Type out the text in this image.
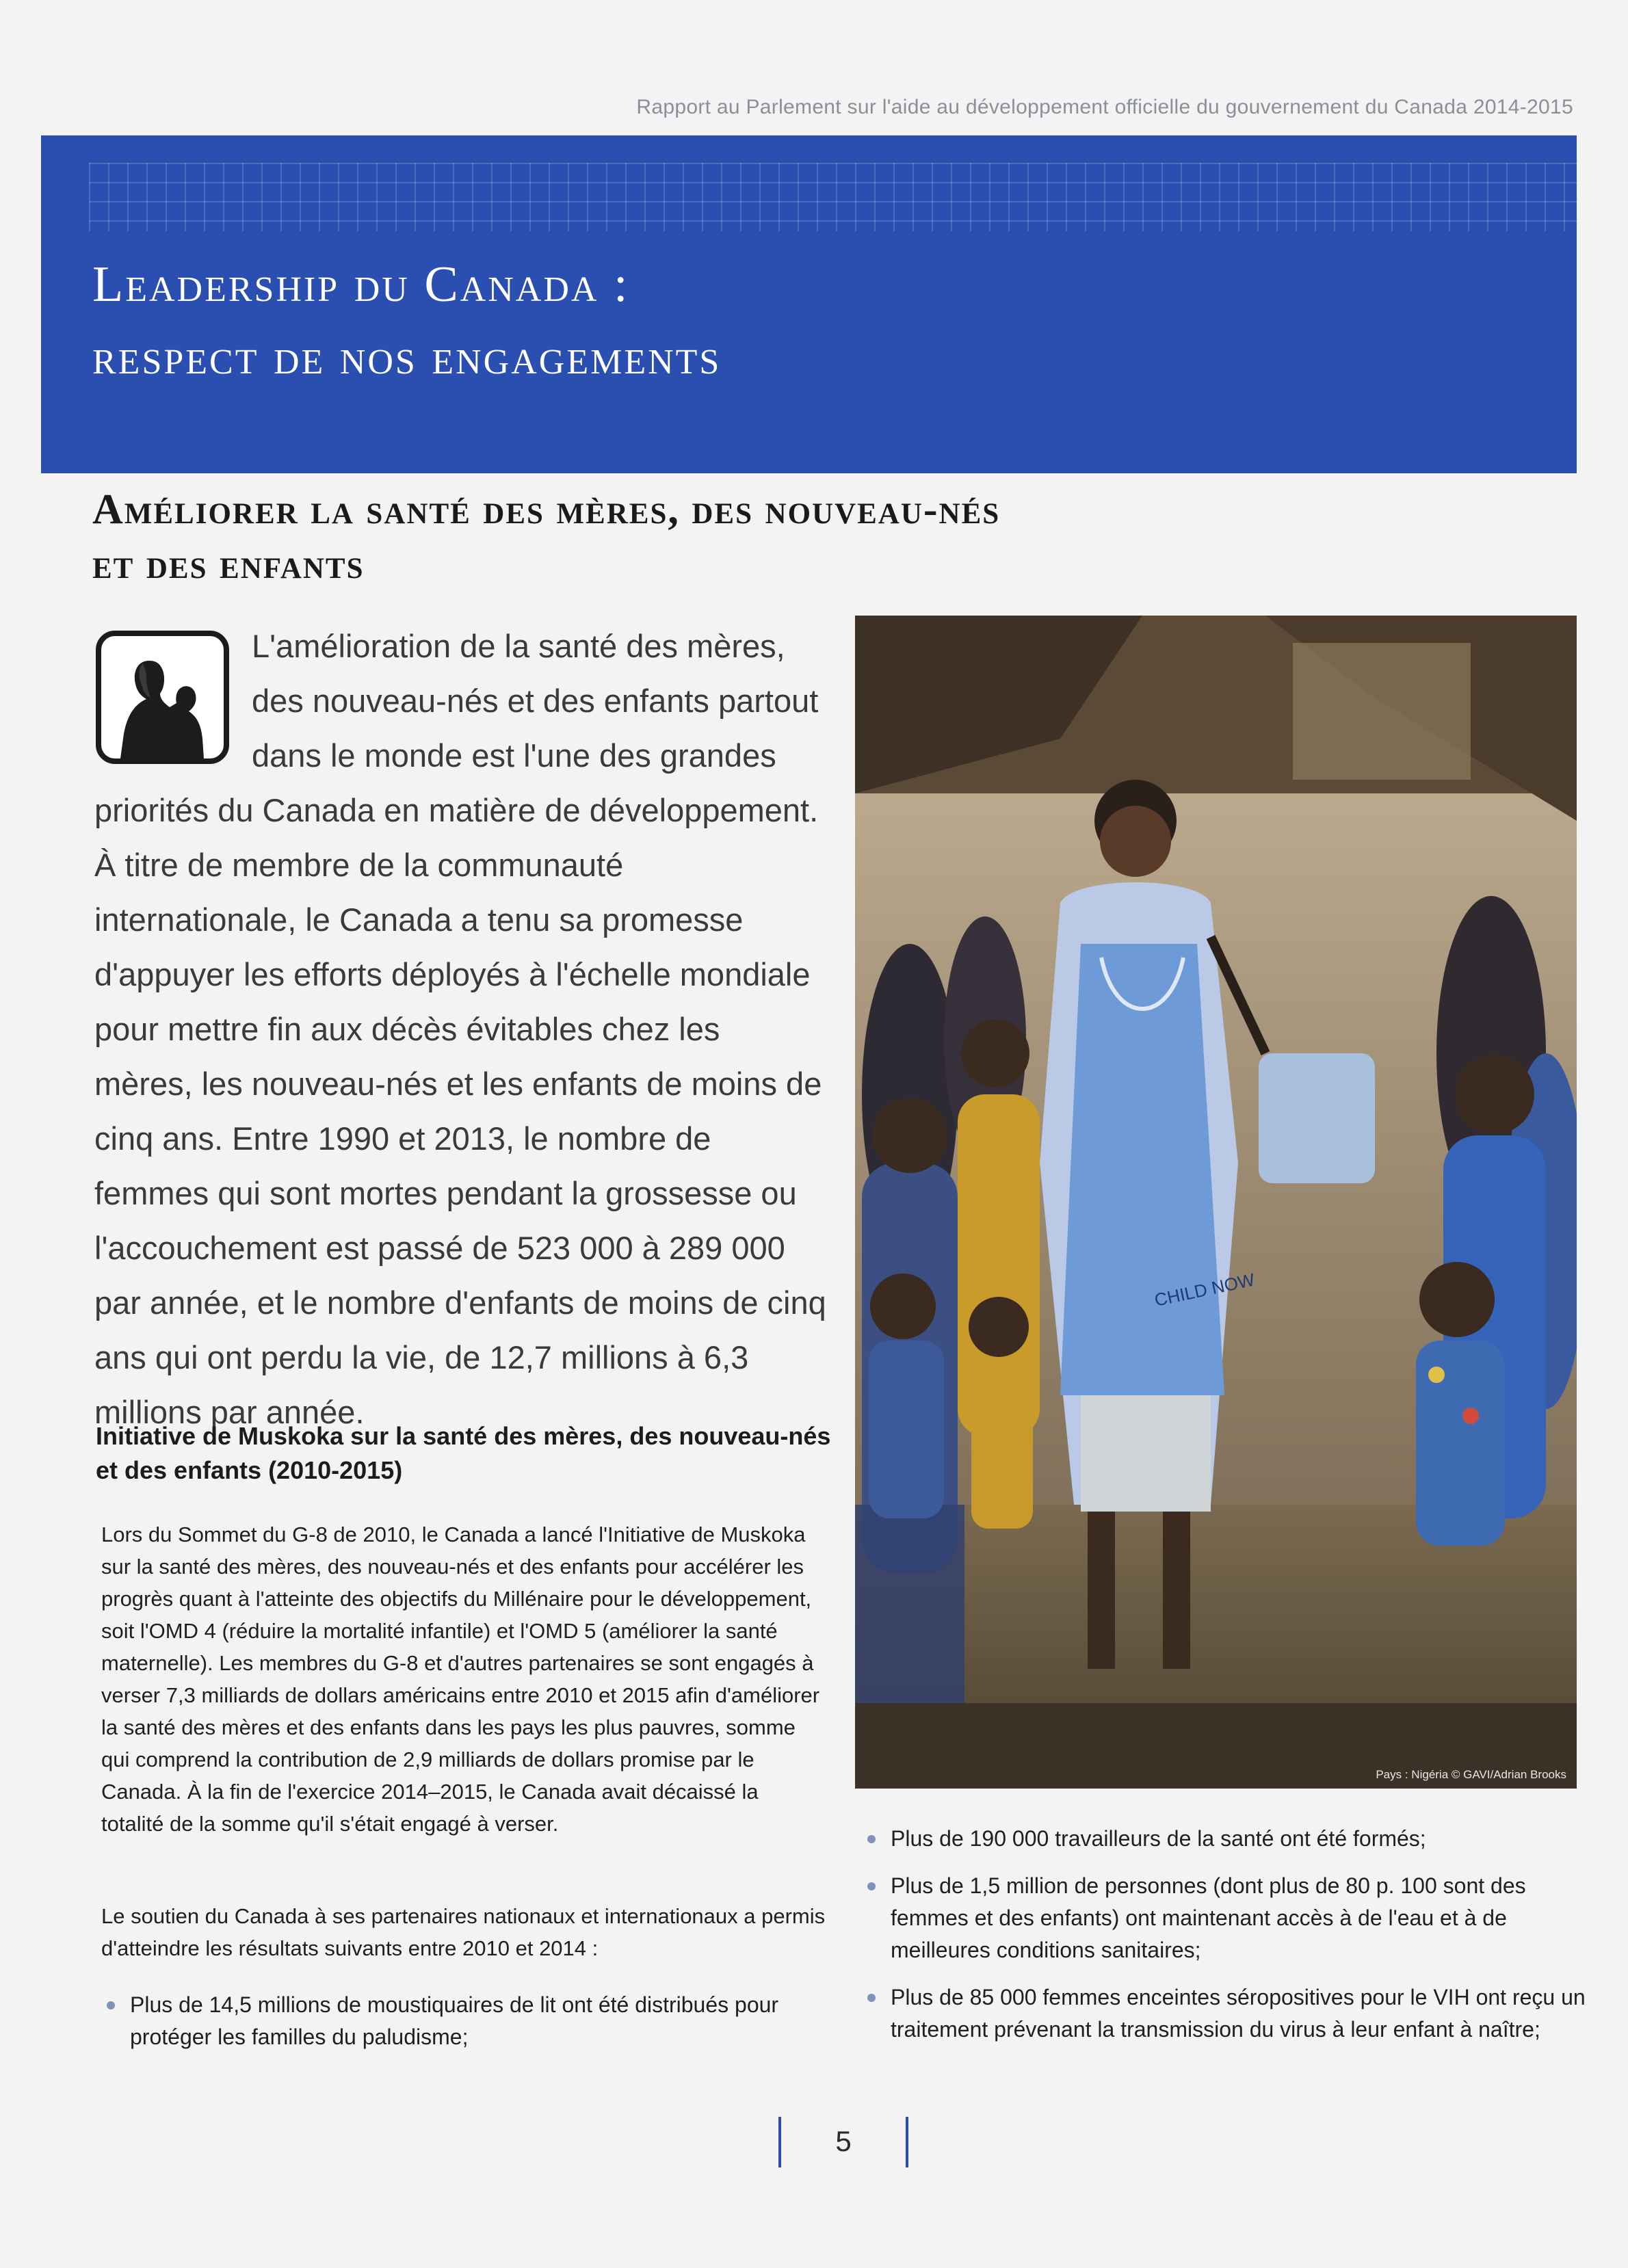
Rapport au Parlement sur l'aide au développement officielle du gouvernement du Canada 2014-2015
Leadership du Canada :
respect de nos engagements
Améliorer la santé des mères, des nouveau-nés
et des enfants

L'amélioration de la santé des mères, des nouveau-nés et des enfants partout dans le monde est l'une des grandes priorités du Canada en matière de développement. À titre de membre de la communauté internationale, le Canada a tenu sa promesse d'appuyer les efforts déployés à l'échelle mondiale pour mettre fin aux décès évitables chez les mères, les nouveau-nés et les enfants de moins de cinq ans. Entre 1990 et 2013, le nombre de femmes qui sont mortes pendant la grossesse ou l'accouchement est passé de 523 000 à 289 000 par année, et le nombre d'enfants de moins de cinq ans qui ont perdu la vie, de 12,7 millions à 6,3 millions par année.

Initiative de Muskoka sur la santé des mères, des nouveau-nés et des enfants (2010-2015)

Lors du Sommet du G-8 de 2010, le Canada a lancé l'Initiative de Muskoka sur la santé des mères, des nouveau-nés et des enfants pour accélérer les progrès quant à l'atteinte des objectifs du Millénaire pour le développement, soit l'OMD 4 (réduire la mortalité infantile) et l'OMD 5 (améliorer la santé maternelle). Les membres du G-8 et d'autres partenaires se sont engagés à verser 7,3 milliards de dollars américains entre 2010 et 2015 afin d'améliorer la santé des mères et des enfants dans les pays les plus pauvres, somme qui comprend la contribution de 2,9 milliards de dollars promise par le Canada. À la fin de l'exercice 2014–2015, le Canada avait décaissé la totalité de la somme qu'il s'était engagé à verser.

Le soutien du Canada à ses partenaires nationaux et internationaux a permis d'atteindre les résultats suivants entre 2010 et 2014 :

Plus de 14,5 millions de moustiquaires de lit ont été distribués pour protéger les familles du paludisme;
CHILD NOW
Pays : Nigéria © GAVI/Adrian Brooks
Plus de 190 000 travailleurs de la santé ont été formés;
Plus de 1,5 million de personnes (dont plus de 80 p. 100 sont des femmes et des enfants) ont maintenant accès à de l'eau et à de meilleures conditions sanitaires;
Plus de 85 000 femmes enceintes séropositives pour le VIH ont reçu un traitement prévenant la transmission du virus à leur enfant à naître;
5
